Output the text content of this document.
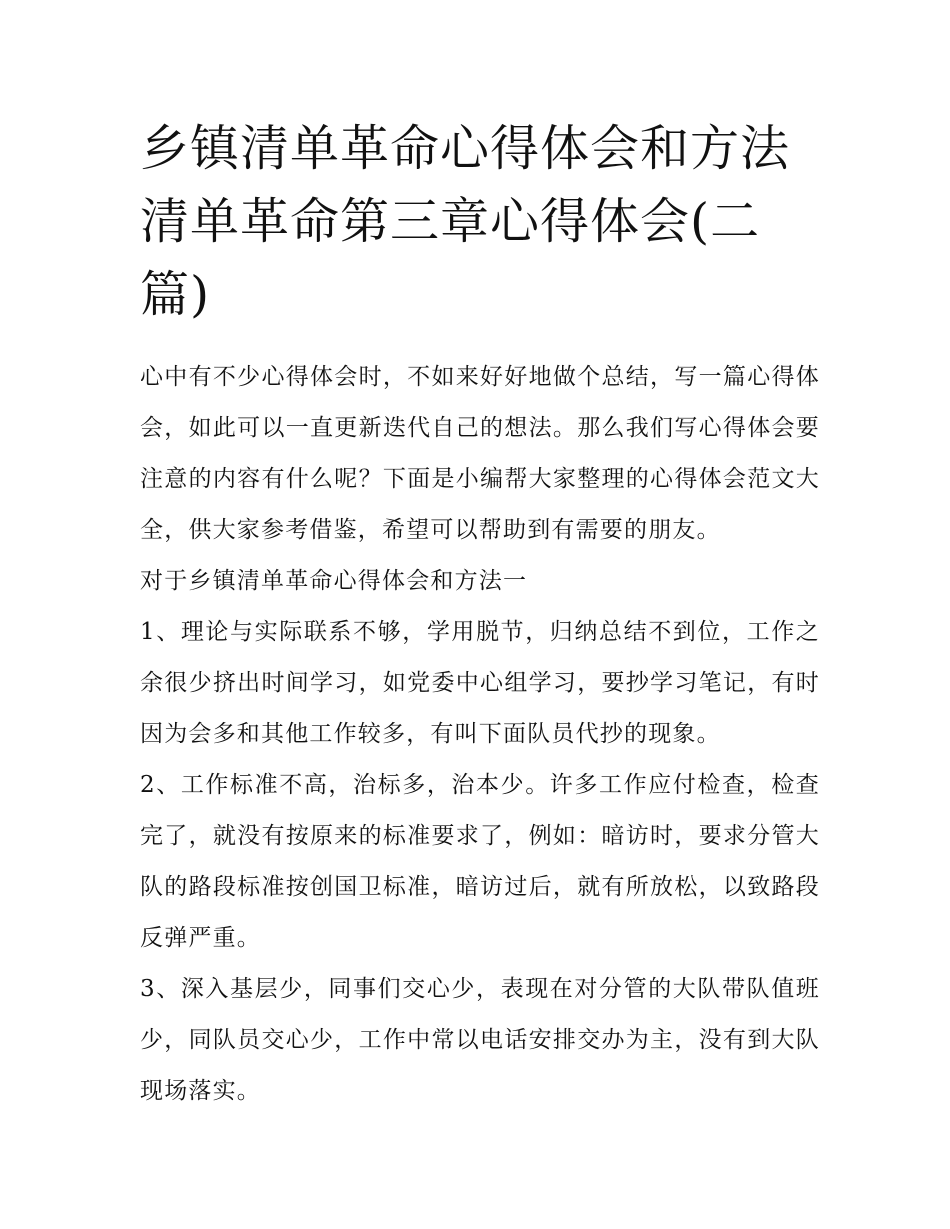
乡镇清单革命心得体会和方法清单革命第三章心得体会(二篇)

心中有不少心得体会时，不如来好好地做个总结，写一篇心得体会，如此可以一直更新迭代自己的想法。那么我们写心得体会要注意的内容有什么呢？下面是小编帮大家整理的心得体会范文大全，供大家参考借鉴，希望可以帮助到有需要的朋友。

对于乡镇清单革命心得体会和方法一

1、理论与实际联系不够，学用脱节，归纳总结不到位，工作之余很少挤出时间学习，如党委中心组学习，要抄学习笔记，有时因为会多和其他工作较多，有叫下面队员代抄的现象。

2、工作标准不高，治标多，治本少。许多工作应付检查，检查完了，就没有按原来的标准要求了，例如：暗访时，要求分管大队的路段标准按创国卫标准，暗访过后，就有所放松，以致路段反弹严重。

3、深入基层少，同事们交心少，表现在对分管的大队带队值班少，同队员交心少，工作中常以电话安排交办为主，没有到大队现场落实。
